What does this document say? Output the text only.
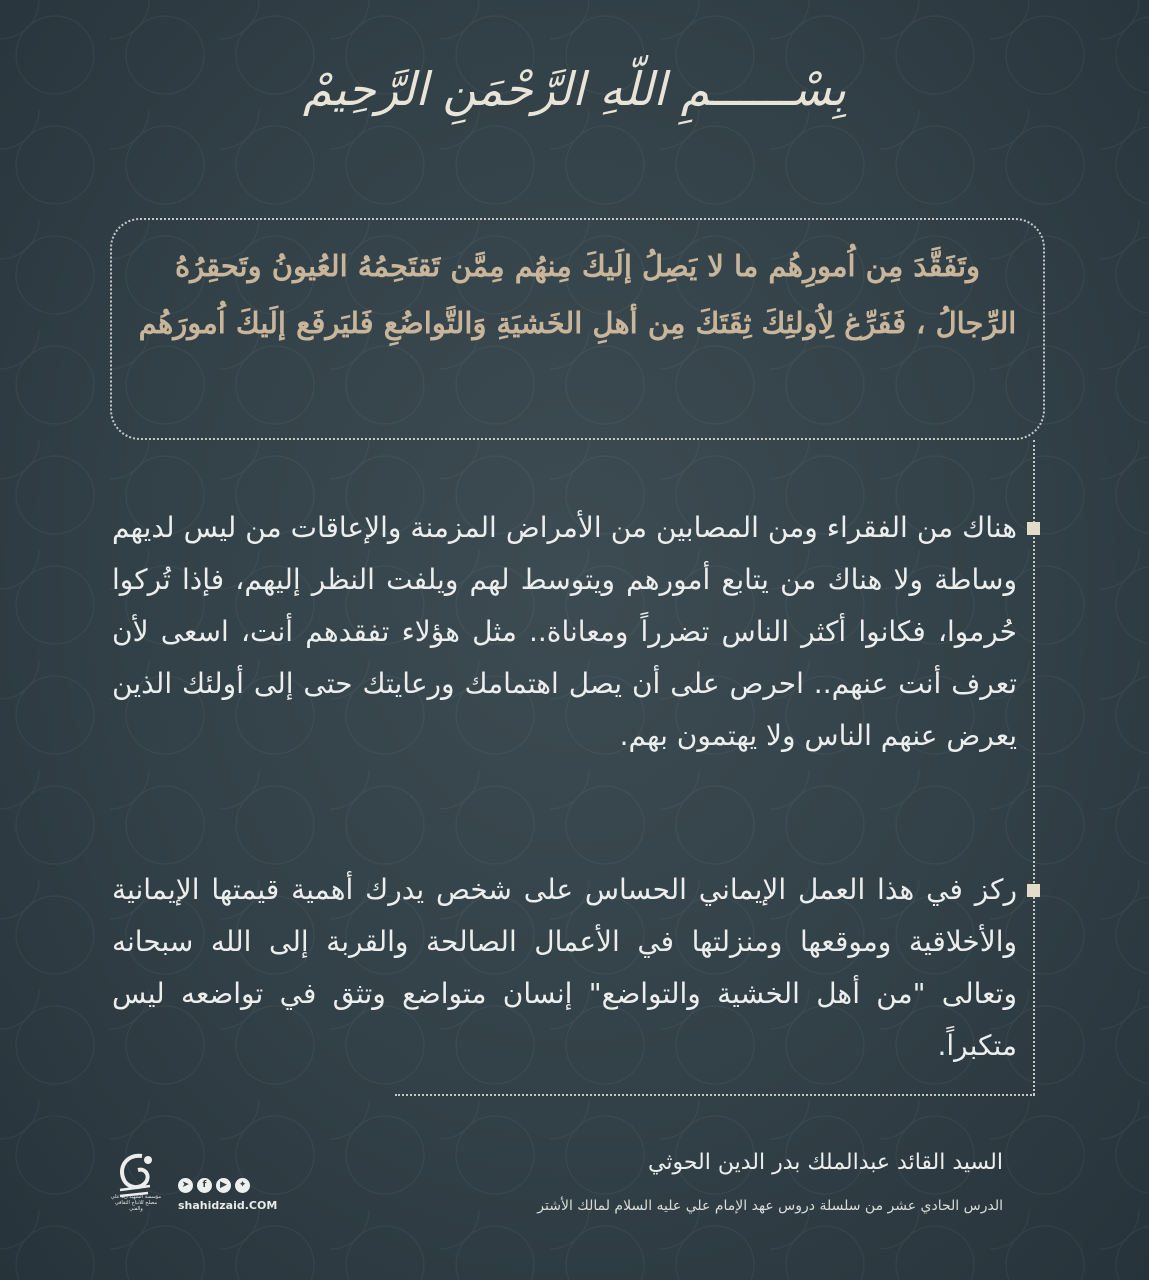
بِسْــــــمِ اللّهِ الرَّحْمَنِ الرَّحِيمْ
وتَفَقَّدَ مِن اُمورِهُم ما لا يَصِلُ إلَيكَ مِنهُم مِمَّن تَقتَحِمُهُ العُيونُ وتَحقِرُهُ الرِّجالُ ، فَفَرِّغ لِاُولئِكَ ثِقَتَكَ مِن أهلِ الخَشيَةِ وَالتَّواضُعِ فَليَرفَع إلَيكَ اُمورَهُم
هناك من الفقراء ومن المصابين من الأمراض المزمنة والإعاقات من ليس لديهم وساطة ولا هناك من يتابع أمورهم ويتوسط لهم ويلفت النظر إليهم، فإذا تُركوا حُرموا، فكانوا أكثر الناس تضرراً ومعاناة.. مثل هؤلاء تفقدهم أنت، اسعى لأن تعرف أنت عنهم.. احرص على أن يصل اهتمامك ورعايتك حتى إلى أولئك الذين يعرض عنهم الناس ولا يهتمون بهم.
ركز في هذا العمل الإيماني الحساس على شخص يدرك أهمية قيمتها الإيمانية والأخلاقية وموقعها ومنزلتها في الأعمال الصالحة والقربة إلى الله سبحانه وتعالى "من أهل الخشية والتواضع" إنسان متواضع وتثق في تواضعه ليس متكبراً.
السيد القائد عبدالملك بدر الدين الحوثي
الدرس الحادي عشر من سلسلة دروس عهد الإمام علي عليه السلام لمالك الأشتر
مؤسسة الشهيد زيد علي مصلح للانتاج الثقافي والفني
➤	f	▶	✦
shahidzaid.COM
